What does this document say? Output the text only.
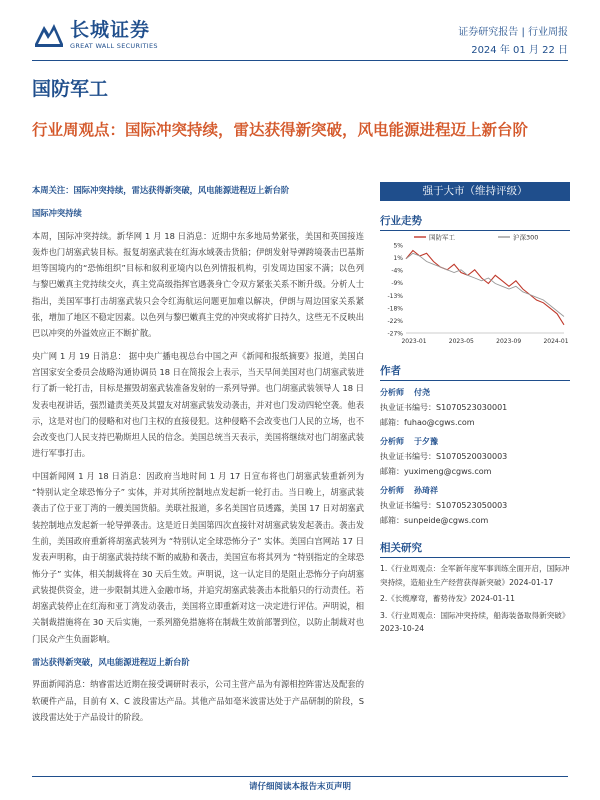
长城证券
GREAT WALL SECURITIES
证券研究报告 | 行业周报
2024 年 01 月 22 日
国防军工
行业周观点：国际冲突持续，雷达获得新突破，风电能源进程迈上新台阶
本周关注：国际冲突持续，雷达获得新突破，风电能源进程迈上新台阶
国际冲突持续
本周，国际冲突持续。新华网 1 月 18 日消息：近期中东多地局势紧张，美国和英国接连轰炸也门胡塞武装目标。报复胡塞武装在红海水域袭击货船；伊朗发射导弹跨境袭击巴基斯坦等国境内的“恐怖组织”目标和叙利亚境内以色列情报机构，引发周边国家不满；以色列与黎巴嫩真主党持续交火，真主党高级指挥官遇袭身亡令双方紧张关系不断升级。分析人士指出，美国军事打击胡塞武装只会令红海航运问题更加难以解决，伊朗与周边国家关系紧张，增加了地区不稳定因素。以色列与黎巴嫩真主党的冲突或将扩日持久，这些无不反映出巴以冲突的外溢效应正不断扩散。
央广网 1 月 19 日消息： 据中央广播电视总台中国之声《新闻和报纸摘要》报道，美国白宫国家安全委员会战略沟通协调员 18 日在简报会上表示，当天早间美国对也门胡塞武装进行了新一轮打击，目标是摧毁胡塞武装准备发射的一系列导弹。也门胡塞武装领导人 18 日发表电视讲话，强烈谴责美英及其盟友对胡塞武装发动袭击，并对也门发动四轮空袭。他表示，这是对也门的侵略和对也门主权的直接侵犯。这种侵略不会改变也门人民的立场，也不会改变也门人民支持巴勒斯坦人民的信念。美国总统当天表示，美国将继续对也门胡塞武装进行军事打击。
中国新闻网 1 月 18 日消息：因政府当地时间 1 月 17 日宣布将也门胡塞武装重新列为 “特别认定全球恐怖分子” 实体，并对其所控制地点发起新一轮打击。当日晚上，胡塞武装袭击了位于亚丁湾的一艘美国货船。美联社报道，多名美国官员透露，美国 17 日对胡塞武装控制地点发起新一轮导弹袭击。这是近日美国第四次直接针对胡塞武装发起袭击。袭击发生前，美国政府重新将胡塞武装列为 “特别认定全球恐怖分子” 实体。美国白宫网站 17 日发表声明称，由于胡塞武装持续不断的威胁和袭击，美国宣布将其列为 “特别指定的全球恐怖分子” 实体，相关制裁将在 30 天后生效。声明说，这一认定目的是阻止恐怖分子向胡塞武装提供资金，进一步限制其进入金融市场，并追究胡塞武装袭击本批船只的行动责任。若胡塞武装停止在红海和亚丁湾发动袭击，美国将立即重新对这一决定进行评估。声明说，相关制裁措施将在 30 天后实施，一系列豁免措施将在制裁生效前部署到位，以防止制裁对也门民众产生负面影响。
雷达获得新突破，风电能源进程迈上新台阶
界面新闻消息：纳睿雷达近期在接受调研时表示，公司主营产品为有源相控阵雷达及配套的软硬件产品，目前有 X、C 波段雷达产品。其他产品如毫米波雷达处于产品研制的阶段，S 波段雷达处于产品设计的阶段。
强于大市（维持评级）
行业走势
5%
1%
-4%
-9%
-13%
-18%
-22%
-27%
2023-01	2023-05	2023-09	2024-01
国防军工	沪深300
作者
分析师 付尧
执业证书编号：S1070523030001
邮箱：fuhao@cgws.com
分析师 于夕豫
执业证书编号：S1070520030003
邮箱：yuximeng@cgws.com
分析师 孙琦祥
执业证书编号：S1070523050003
邮箱：sunpeide@cgws.com
相关研究
1.《行业周观点：全军新年度军事训练全面开启，国际冲突持续，造船业生产经营获得新突破》2024-01-17
2.《长缆摩弯，蓄势待发》2024-01-11
3.《行业周观点：国际冲突持续，船海装备取得新突破》2023-10-24
请仔细阅读本报告末页声明
